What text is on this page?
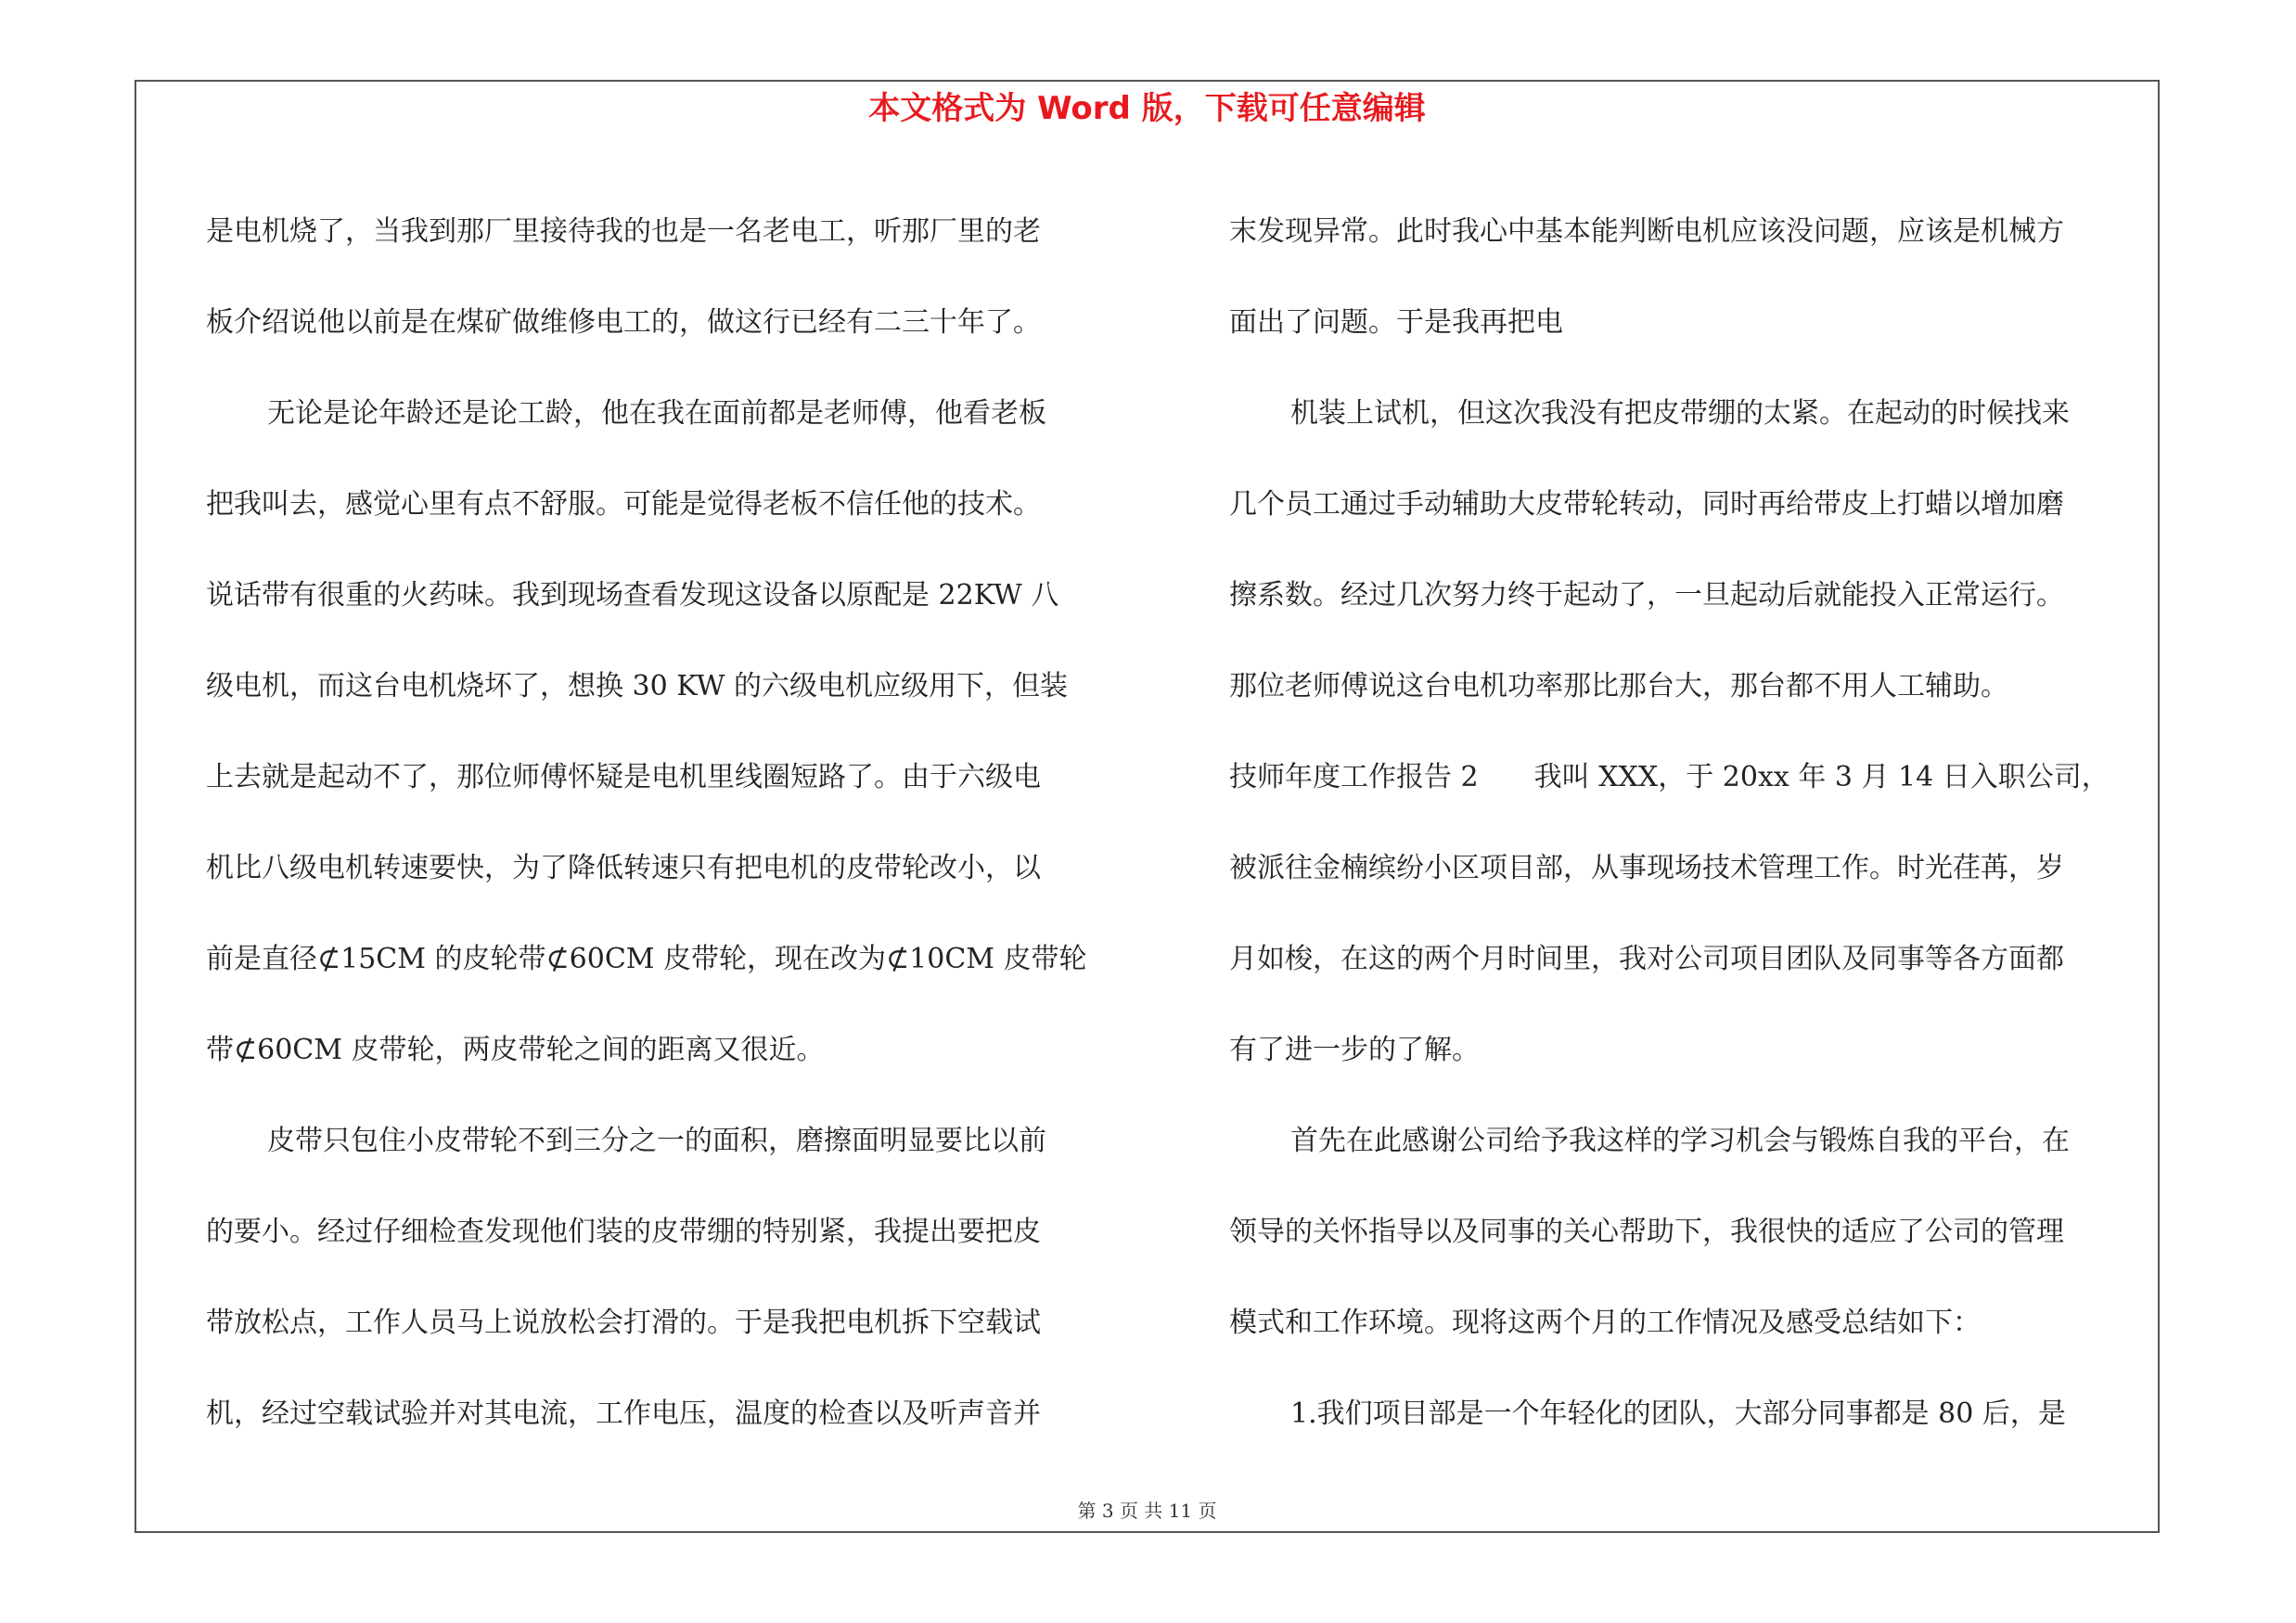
本文格式为 Word 版，下载可任意编辑

是电机烧了，当我到那厂里接待我的也是一名老电工，听那厂里的老

板介绍说他以前是在煤矿做维修电工的，做这行已经有二三十年了。

无论是论年龄还是论工龄，他在我在面前都是老师傅，他看老板

把我叫去，感觉心里有点不舒服。可能是觉得老板不信任他的技术。

说话带有很重的火药味。我到现场查看发现这设备以原配是 22KW 八

级电机，而这台电机烧坏了，想换 30 KW 的六级电机应级用下，但装

上去就是起动不了，那位师傅怀疑是电机里线圈短路了。由于六级电

机比八级电机转速要快，为了降低转速只有把电机的皮带轮改小，以

前是直径⊄15CM 的皮轮带⊄60CM 皮带轮，现在改为⊄10CM 皮带轮

带⊄60CM 皮带轮，两皮带轮之间的距离又很近。

皮带只包住小皮带轮不到三分之一的面积，磨擦面明显要比以前

的要小。经过仔细检查发现他们装的皮带绷的特别紧，我提出要把皮

带放松点，工作人员马上说放松会打滑的。于是我把电机拆下空载试

机，经过空载试验并对其电流，工作电压，温度的检查以及听声音并

末发现异常。此时我心中基本能判断电机应该没问题，应该是机械方

面出了问题。于是我再把电

机装上试机，但这次我没有把皮带绷的太紧。在起动的时候找来

几个员工通过手动辅助大皮带轮转动，同时再给带皮上打蜡以增加磨

擦系数。经过几次努力终于起动了，一旦起动后就能投入正常运行。

那位老师傅说这台电机功率那比那台大，那台都不用人工辅助。

技师年度工作报告 2　　我叫 XXX，于 20xx 年 3 月 14 日入职公司，

被派往金楠缤纷小区项目部，从事现场技术管理工作。时光荏苒，岁

月如梭，在这的两个月时间里，我对公司项目团队及同事等各方面都

有了进一步的了解。

首先在此感谢公司给予我这样的学习机会与锻炼自我的平台，在

领导的关怀指导以及同事的关心帮助下，我很快的适应了公司的管理

模式和工作环境。现将这两个月的工作情况及感受总结如下：

1.我们项目部是一个年轻化的团队，大部分同事都是 80 后，是

第 3 页 共 11 页
